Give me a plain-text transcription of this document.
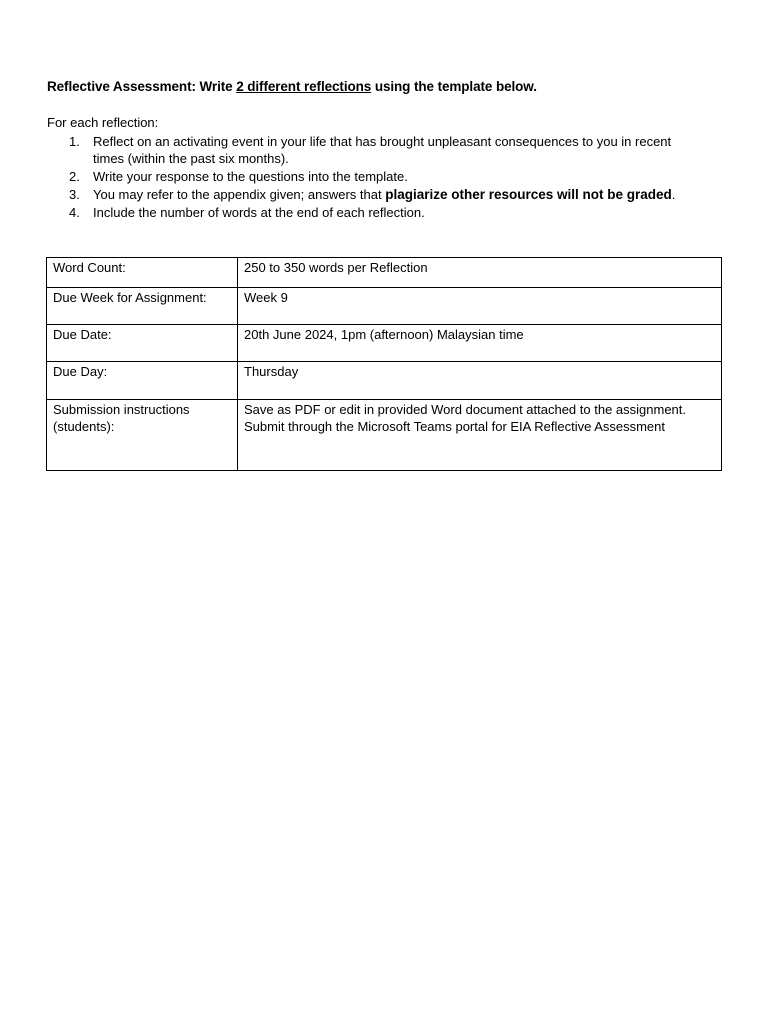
Reflective Assessment: Write 2 different reflections using the template below.
For each reflection:
1. Reflect on an activating event in your life that has brought unpleasant consequences to you in recent times (within the past six months).
2. Write your response to the questions into the template.
3. You may refer to the appendix given; answers that plagiarize other resources will not be graded.
4. Include the number of words at the end of each reflection.
Word Count:	250 to 350 words per Reflection
Due Week for Assignment:	Week 9
Due Date:	20th June 2024, 1pm (afternoon) Malaysian time
Due Day:	Thursday
Submission instructions (students):	Save as PDF or edit in provided Word document attached to the assignment. Submit through the Microsoft Teams portal for EIA Reflective Assessment
